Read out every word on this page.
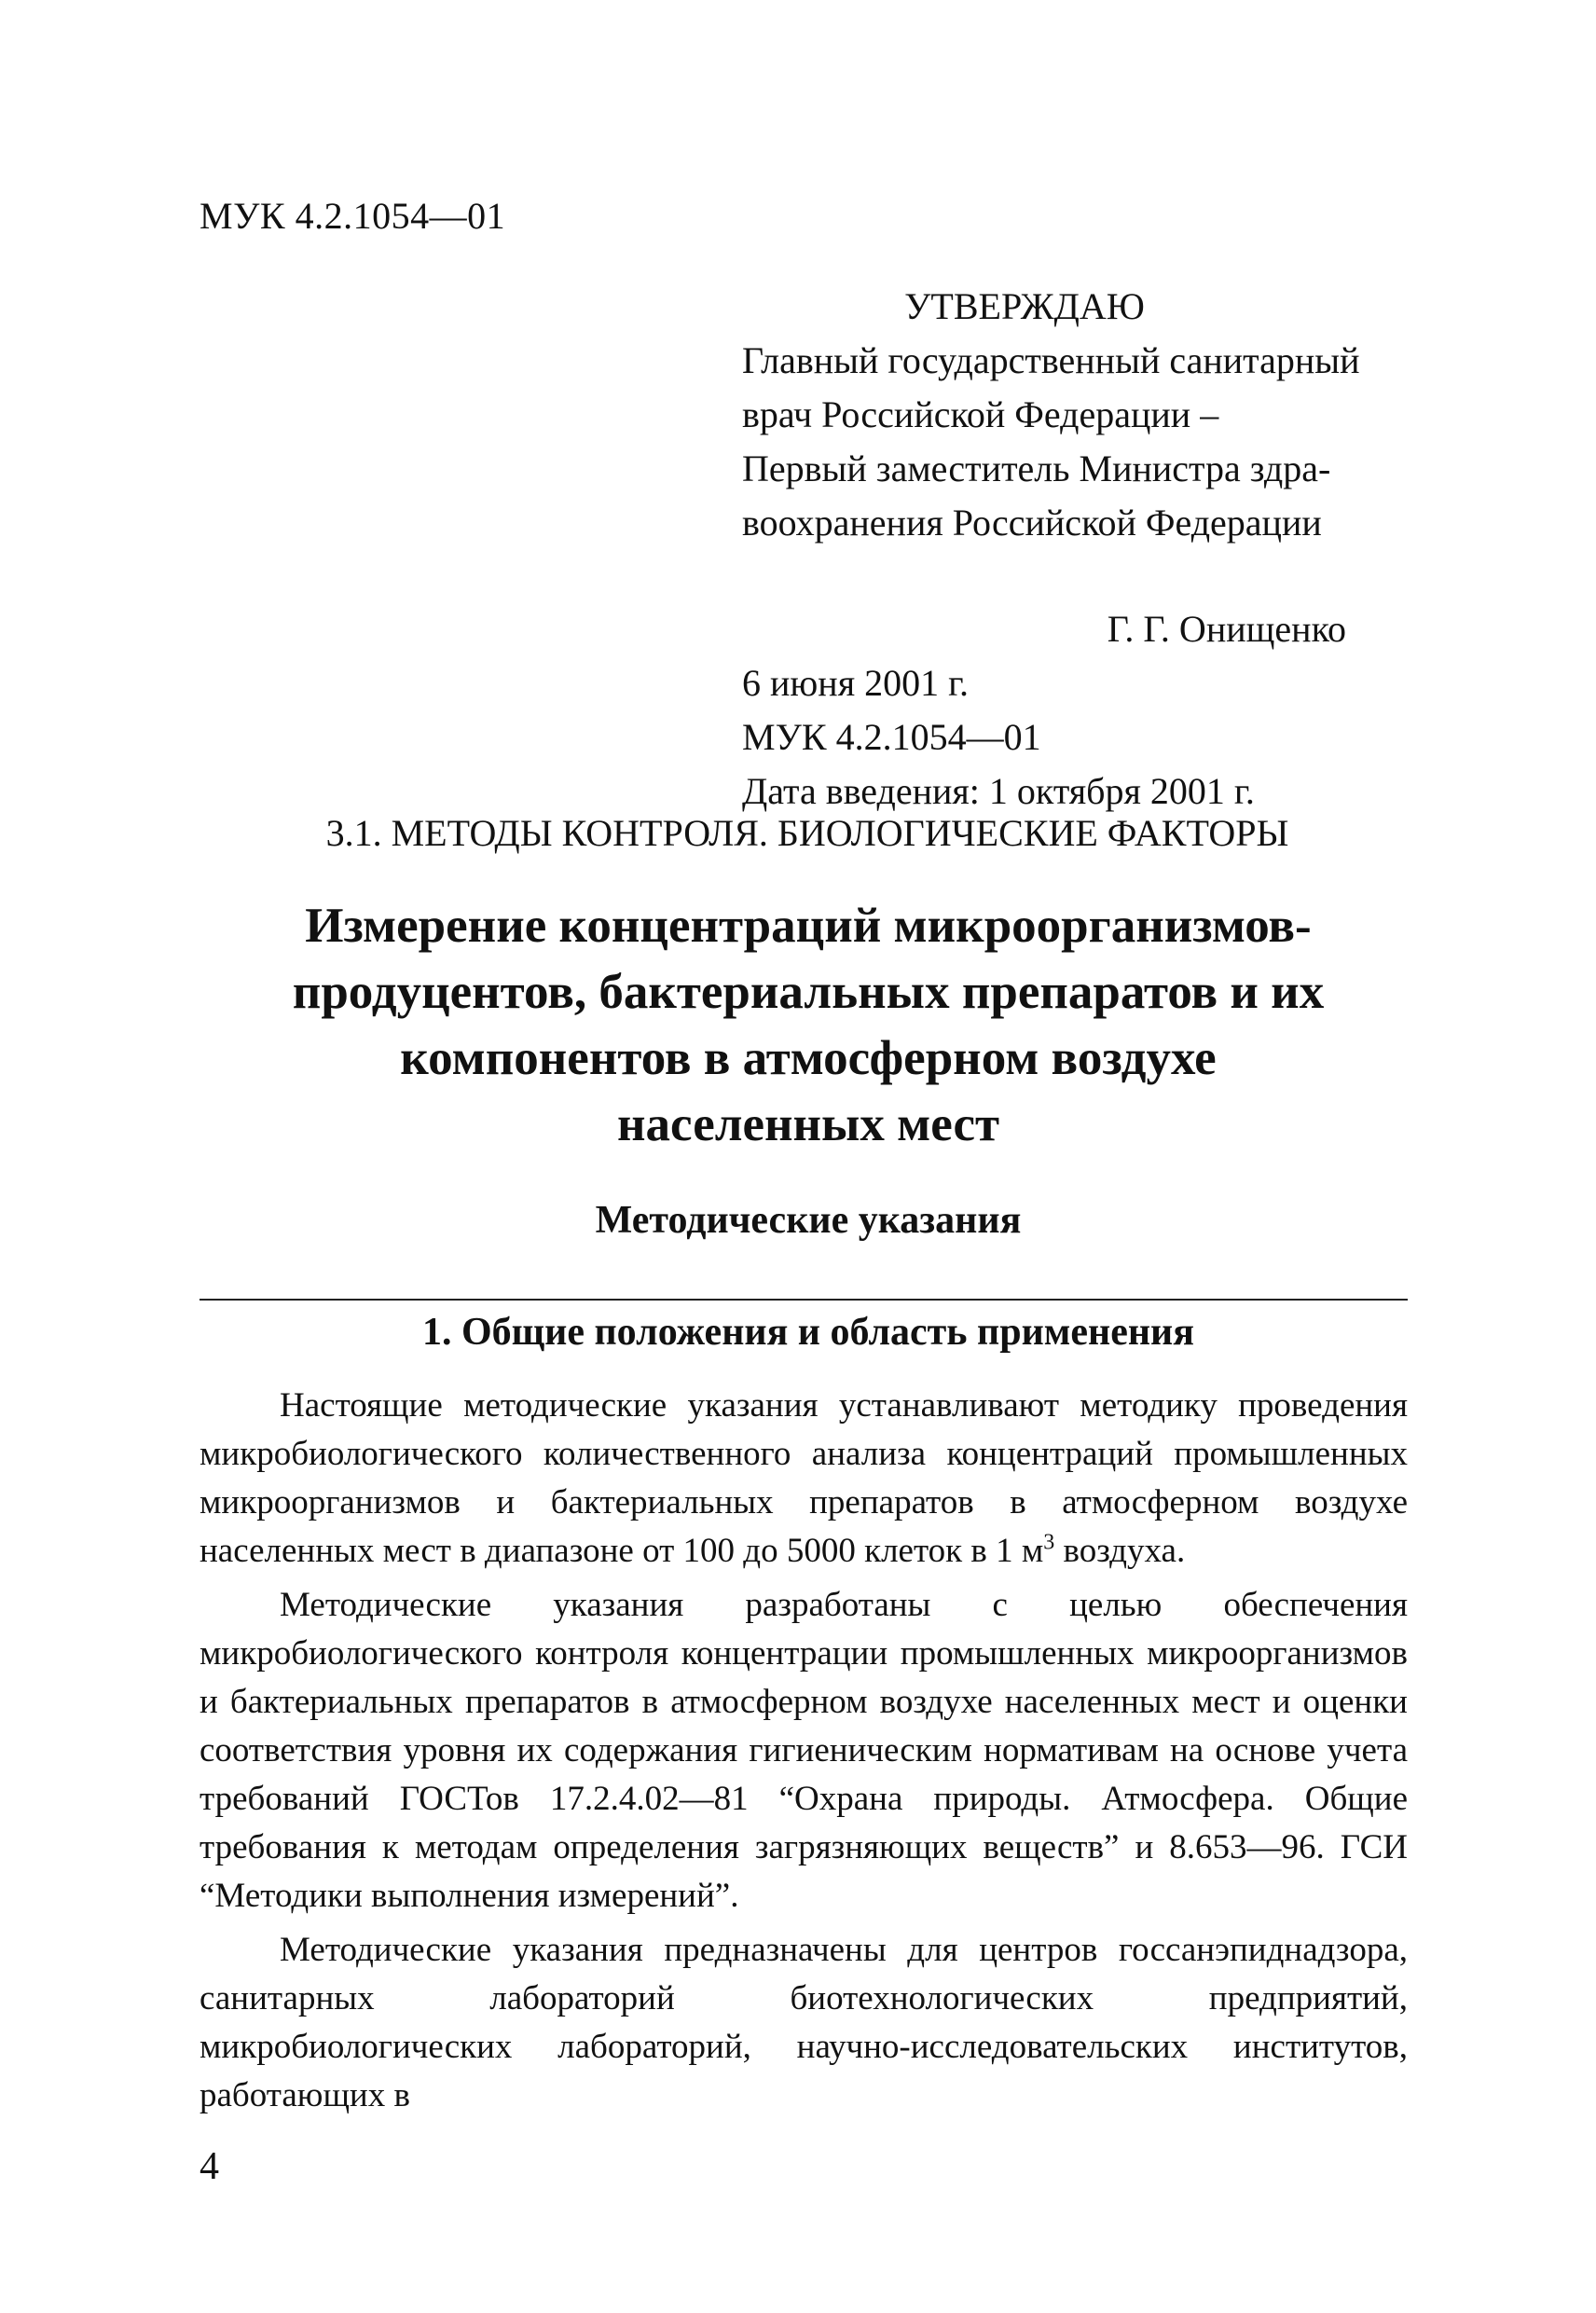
МУК 4.2.1054—01
УТВЕРЖДАЮ
Главный государственный санитарный
врач Российской Федерации –
Первый заместитель Министра здра-
воохранения Российской Федерации
Г. Г. Онищенко
6 июня 2001 г.
МУК 4.2.1054—01
Дата введения: 1 октября 2001 г.
3.1. МЕТОДЫ КОНТРОЛЯ. БИОЛОГИЧЕСКИЕ ФАКТОРЫ
Измерение концентраций микроорганизмов-
продуцентов, бактериальных препаратов и их
компонентов в атмосферном воздухе
населенных мест
Методические указания
1. Общие положения и область применения

Настоящие методические указания устанавливают методику проведения микробиологического количественного анализа концентраций промышленных микроорганизмов и бактериальных препаратов в атмосферном воздухе населенных мест в диапазоне от 100 до 5000 клеток в 1 $м^3$ воздуха.

Методические указания разработаны с целью обеспечения микробиологического контроля концентрации промышленных микроорганизмов и бактериальных препаратов в атмосферном воздухе населенных мест и оценки соответствия уровня их содержания гигиеническим нормативам на основе учета требований ГОСТов 17.2.4.02—81 “Охрана природы. Атмосфера. Общие требования к методам определения загрязняющих веществ” и 8.653—96. ГСИ “Методики выполнения измерений”.

Методические указания предназначены для центров госсанэпиднадзора, санитарных лабораторий биотехнологических предприятий, микробиологических лабораторий, научно-исследовательских институтов, работающих в

4
